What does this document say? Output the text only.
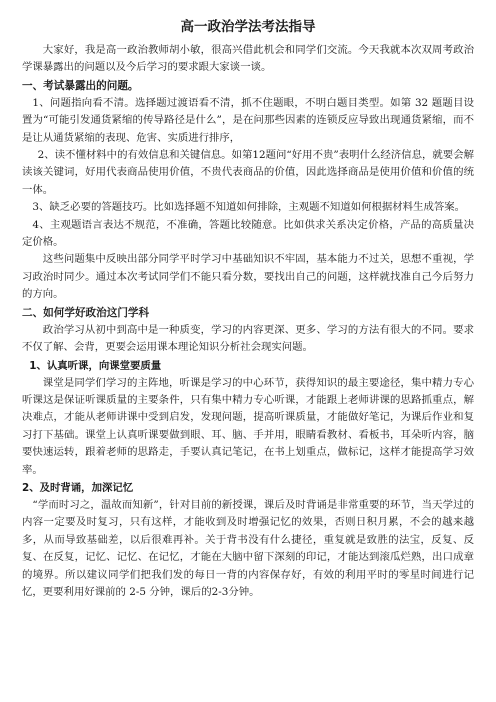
高一政治学法考法指导

大家好，我是高一政治教师胡小敏，很高兴借此机会和同学们交流。今天我就本次双周考政治学课暴露出的问题以及今后学习的要求跟大家谈一谈。

一、考试暴露出的问题。

1、问题指向看不清。选择题过渡语看不清，抓不住题眼，不明白题目类型。如第 32 题题目设置为“可能引发通货紧缩的传导路径是什么”，是在问那些因素的连锁反应导致出现通货紧缩，而不是让从通货紧缩的表现、危害、实质进行排序，

2、读不懂材料中的有效信息和关键信息。如第12题问“好用不贵”表明什么经济信息，就要会解读该关键词，好用代表商品使用价值，不贵代表商品的价值，因此选择商品是使用价值和价值的统一体。

3、缺乏必要的答题技巧。比如选择题不知道如何排除，主观题不知道如何根据材料生成答案。

4、主观题语言表达不规范，不准确，答题比较随意。比如供求关系决定价格，产品的高质量决定价格。

这些问题集中反映出部分同学平时学习中基础知识不牢固，基本能力不过关，思想不重视，学习政治时同少。通过本次考试同学们不能只看分数，要找出自己的问题，这样就找准自己今后努力的方向。

二、如何学好政治这门学科

政治学习从初中到高中是一种质变，学习的内容更深、更多、学习的方法有很大的不同。要求不仅了解、会背，更要会运用课本理论知识分析社会现实问题。

1、认真听课，向课堂要质量

课堂是同学们学习的主阵地，听课是学习的中心环节，获得知识的最主要途径，集中精力专心听课这是保证听课质量的主要条件，只有集中精力专心听课，才能跟上老师讲课的思路抓重点，解决难点，才能从老师讲课中受到启发，发现问题，提高听课质量，才能做好笔记，为课后作业和复习打下基础。课堂上认真听课要做到眼、耳、脑、手并用，眼睛看教材、看板书，耳朵听内容，脑要快速运转，跟着老师的思路走，手要认真记笔记，在书上划重点，做标记，这样才能提高学习效率。

2、及时背诵，加深记忆

“学而时习之，温故而知新”，针对目前的新授课，课后及时背诵是非常重要的环节，当天学过的内容一定要及时复习，只有这样，才能收到及时增强记忆的效果，否则日积月累，不会的越来越多，从而导致基础差，以后很难再补。关于背书没有什么捷径，重复就是致胜的法宝，反复、反复、在反复，记忆、记忆、在记忆，才能在大脑中留下深刻的印记，才能达到滚瓜烂熟，出口成章的境界。所以建议同学们把我们发的每日一背的内容保存好，有效的利用平时的零星时间进行记忆，更要利用好课前的 2-5 分钟，课后的2-3分钟。
